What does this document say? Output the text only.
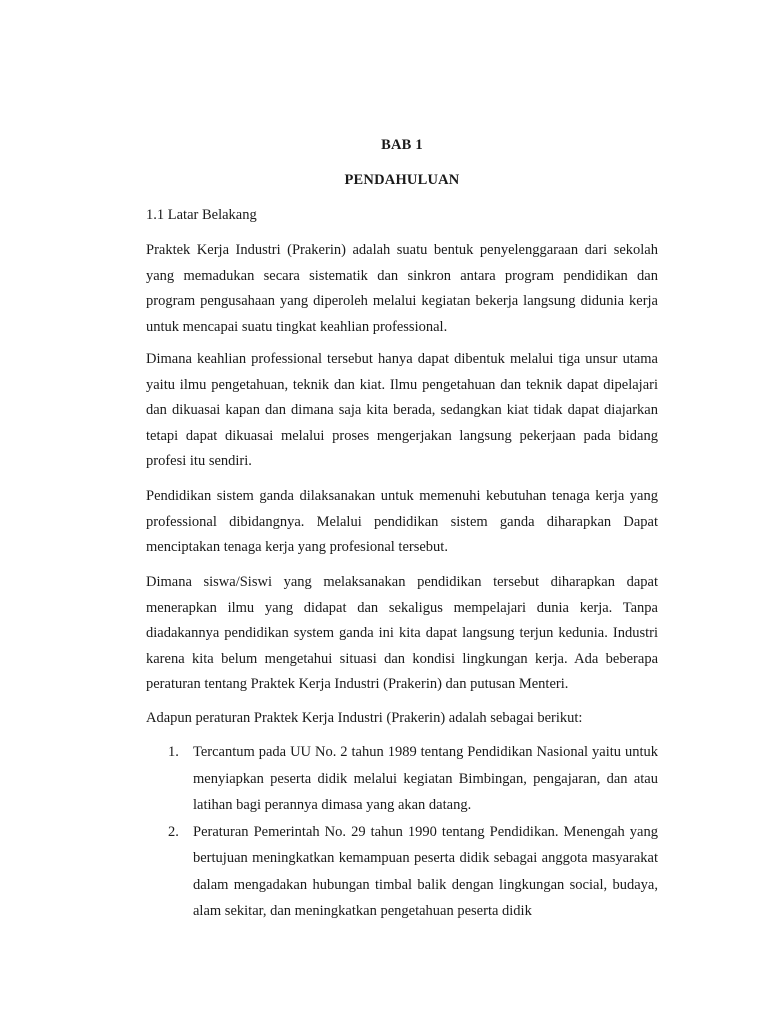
BAB 1
PENDAHULUAN
1.1 Latar Belakang

Praktek Kerja Industri (Prakerin) adalah suatu bentuk penyelenggaraan dari sekolah yang memadukan secara sistematik dan sinkron antara program pendidikan dan program pengusahaan yang diperoleh melalui kegiatan bekerja langsung didunia kerja untuk mencapai suatu tingkat keahlian professional.

Dimana keahlian professional tersebut hanya dapat dibentuk melalui tiga unsur utama yaitu ilmu pengetahuan, teknik dan kiat. Ilmu pengetahuan dan teknik dapat dipelajari dan dikuasai kapan dan dimana saja kita berada, sedangkan kiat tidak dapat diajarkan tetapi dapat dikuasai melalui proses mengerjakan langsung pekerjaan pada bidang profesi itu sendiri.

Pendidikan sistem ganda dilaksanakan untuk memenuhi kebutuhan tenaga kerja yang professional dibidangnya. Melalui pendidikan sistem ganda diharapkan Dapat menciptakan tenaga kerja yang profesional tersebut.

Dimana siswa/Siswi yang melaksanakan pendidikan tersebut diharapkan dapat menerapkan ilmu yang didapat dan sekaligus mempelajari dunia kerja. Tanpa diadakannya pendidikan system ganda ini kita dapat langsung terjun kedunia. Industri karena kita belum mengetahui situasi dan kondisi lingkungan kerja. Ada beberapa peraturan tentang Praktek Kerja Industri (Prakerin) dan putusan Menteri.

Adapun peraturan Praktek Kerja Industri (Prakerin) adalah sebagai berikut:

1. Tercantum pada UU No. 2 tahun 1989 tentang Pendidikan Nasional yaitu untuk menyiapkan peserta didik melalui kegiatan Bimbingan, pengajaran, dan atau latihan bagi perannya dimasa yang akan datang.
2. Peraturan Pemerintah No. 29 tahun 1990 tentang Pendidikan. Menengah yang bertujuan meningkatkan kemampuan peserta didik sebagai anggota masyarakat dalam mengadakan hubungan timbal balik dengan lingkungan social, budaya, alam sekitar, dan meningkatkan pengetahuan peserta didik
